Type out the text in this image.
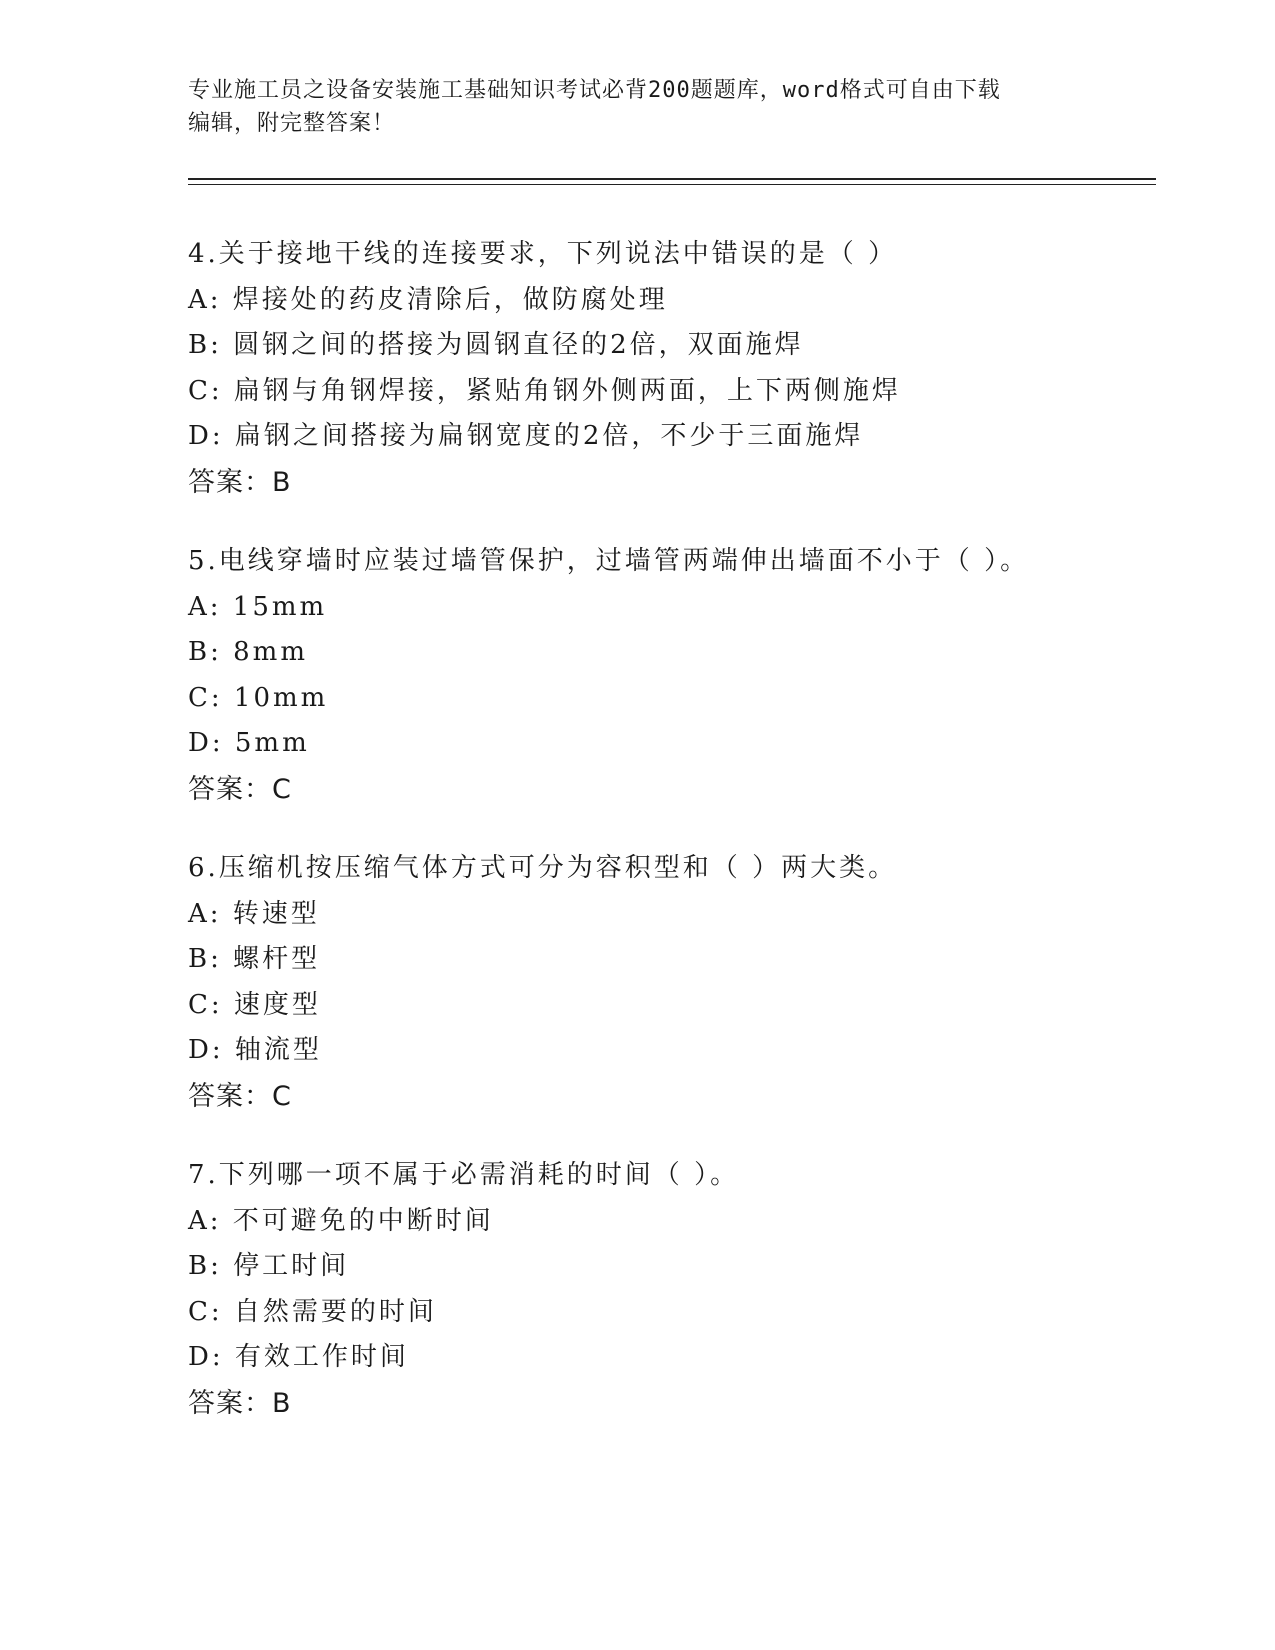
专业施工员之设备安装施工基础知识考试必背200题题库，word格式可自由下载
编辑，附完整答案！
4.关于接地干线的连接要求，下列说法中错误的是（ ）
A: 焊接处的药皮清除后，做防腐处理
B: 圆钢之间的搭接为圆钢直径的2倍，双面施焊
C: 扁钢与角钢焊接，紧贴角钢外侧两面，上下两侧施焊
D: 扁钢之间搭接为扁钢宽度的2倍，不少于三面施焊
答案：B
5.电线穿墙时应装过墙管保护，过墙管两端伸出墙面不小于（ ）。
A: 15mm
B: 8mm
C: 10mm
D: 5mm
答案：C
6.压缩机按压缩气体方式可分为容积型和（ ）两大类。
A: 转速型
B: 螺杆型
C: 速度型
D: 轴流型
答案：C
7.下列哪一项不属于必需消耗的时间（ ）。
A: 不可避免的中断时间
B: 停工时间
C: 自然需要的时间
D: 有效工作时间
答案：B
